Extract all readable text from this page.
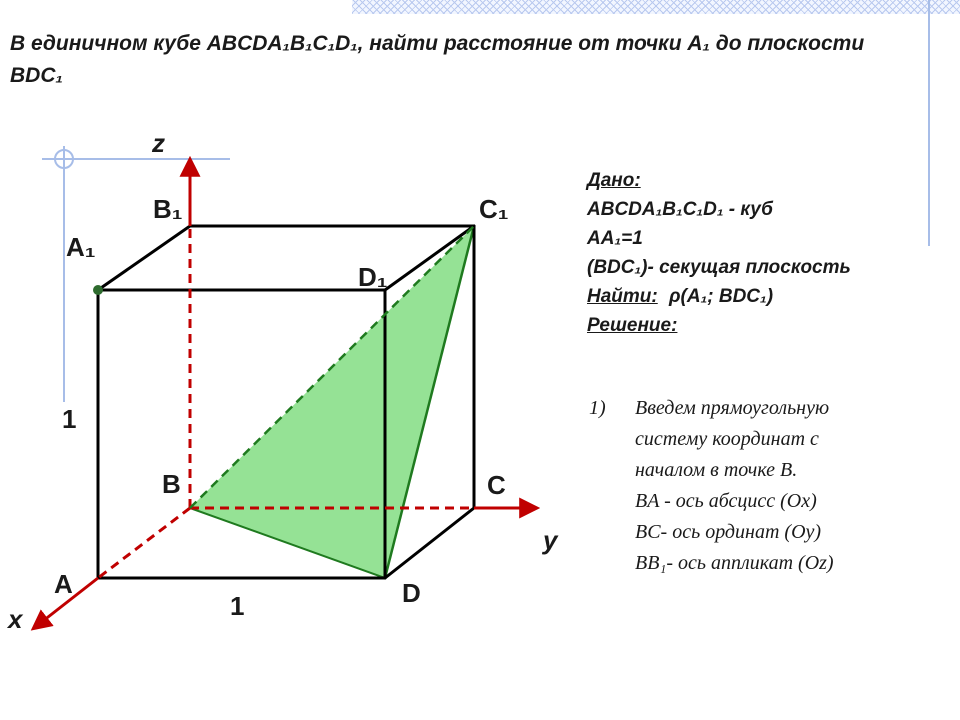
В единичном кубе ABCDA₁B₁C₁D₁, найти расстояние от точки A₁ до плоскости BDC₁
B₁	C₁
A₁
D₁
B	C
A	D
z
y
x
1
1
Дано:
ABCDA₁B₁C₁D₁ - куб
AA₁=1
(BDC₁)- секущая плоскость
Найти: ρ(A₁; BDC₁)
Решение:
1) Введем прямоугольную
систему координат с
началом в точке B.
BA - ось абсцисс (Ox)
BC- ось ординат (Oy)
BB₁- ось аппликат (Oz)
